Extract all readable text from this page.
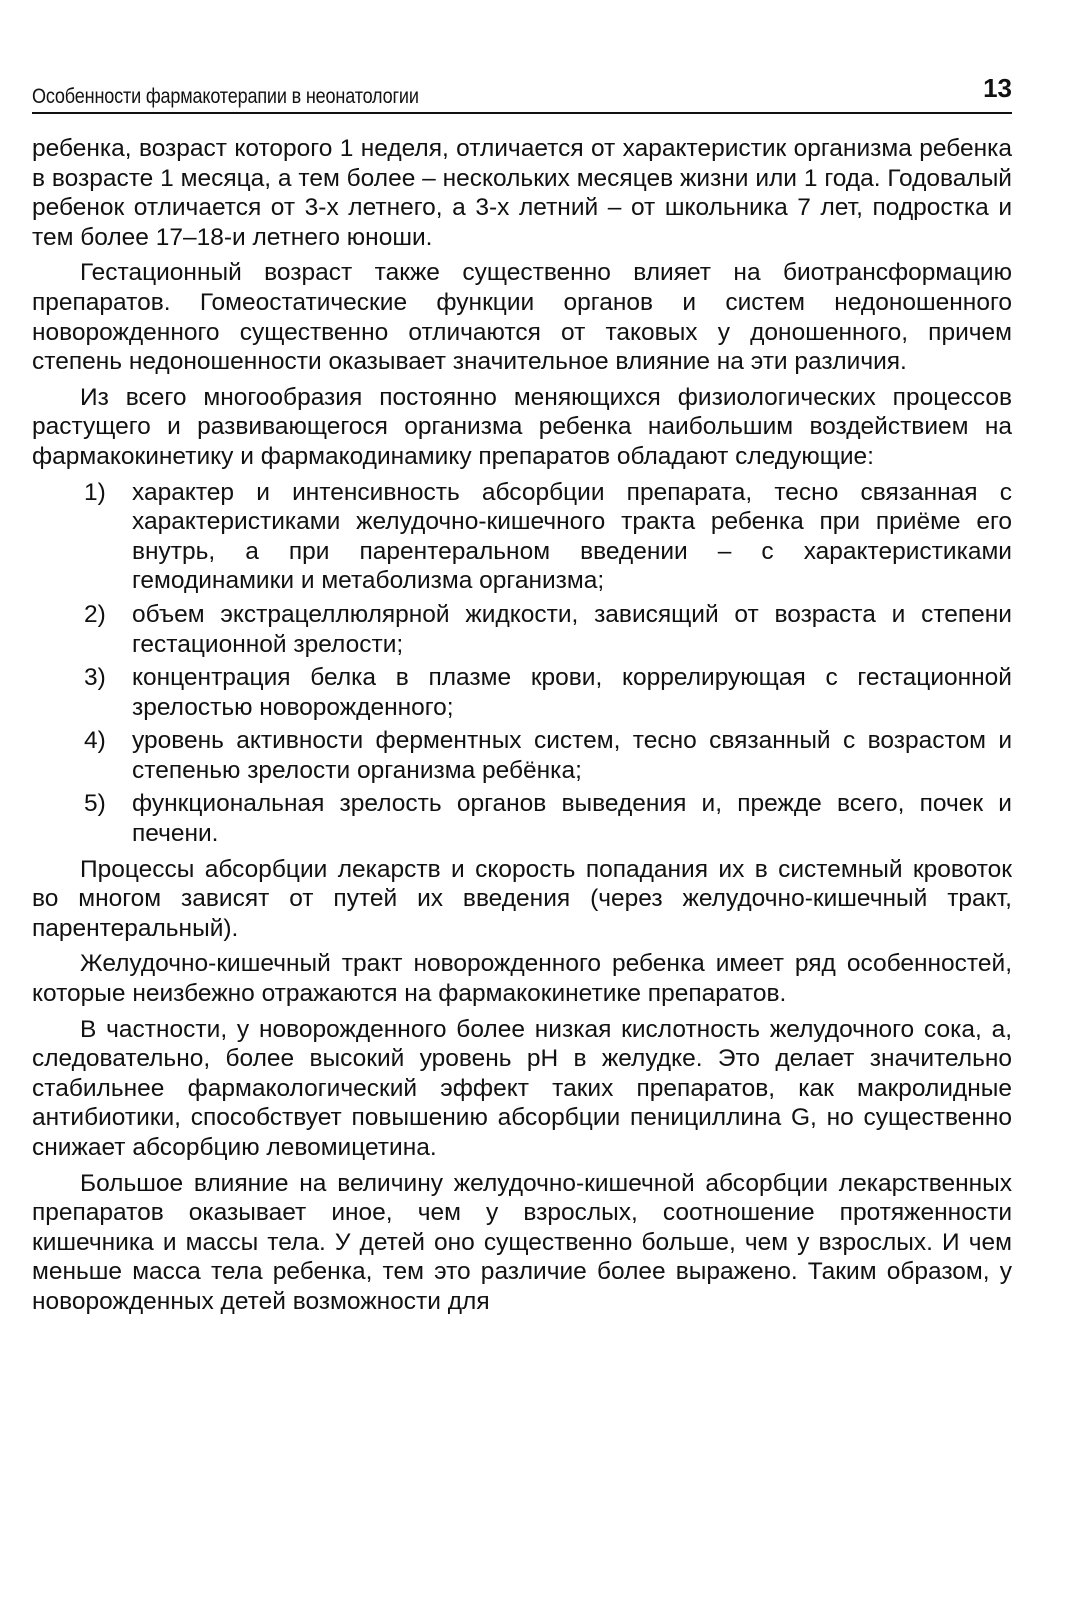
Особенности фармакотерапии в неонатологии	13

ребенка, возраст которого 1 неделя, отличается от характеристик организма ребенка в возрасте 1 месяца, а тем более – нескольких месяцев жизни или 1 года. Годовалый ребенок отличается от 3-х летнего, а 3-х летний – от школьника 7 лет, подростка и тем более 17–18-и летнего юноши.

Гестационный возраст также существенно влияет на биотрансформацию препаратов. Гомеостатические функции органов и систем недоношенного новорожденного существенно отличаются от таковых у доношенного, причем степень недоношенности оказывает значительное влияние на эти различия.

Из всего многообразия постоянно меняющихся физиологических процессов растущего и развивающегося организма ребенка наибольшим воздействием на фармакокинетику и фармакодинамику препаратов обладают следующие:

1)	характер и интенсивность абсорбции препарата, тесно связанная с характеристиками желудочно-кишечного тракта ребенка при приёме его внутрь, а при парентеральном введении – с характеристиками гемодинамики и метаболизма организма;
2)	объем экстрацеллюлярной жидкости, зависящий от возраста и степени гестационной зрелости;
3)	концентрация белка в плазме крови, коррелирующая с гестационной зрелостью новорожденного;
4)	уровень активности ферментных систем, тесно связанный с возрастом и степенью зрелости организма ребёнка;
5)	функциональная зрелость органов выведения и, прежде всего, почек и печени.

Процессы абсорбции лекарств и скорость попадания их в системный кровоток во многом зависят от путей их введения (через желудочно-кишечный тракт, парентеральный).

Желудочно-кишечный тракт новорожденного ребенка имеет ряд особенностей, которые неизбежно отражаются на фармакокинетике препаратов.

В частности, у новорожденного более низкая кислотность желудочного сока, а, следовательно, более высокий уровень pH в желудке. Это делает значительно стабильнее фармакологический эффект таких препаратов, как макролидные антибиотики, способствует повышению абсорбции пенициллина G, но существенно снижает абсорбцию левомицетина.

Большое влияние на величину желудочно-кишечной абсорбции лекарственных препаратов оказывает иное, чем у взрослых, соотношение протяженности кишечника и массы тела. У детей оно существенно больше, чем у взрослых. И чем меньше масса тела ребенка, тем это различие более выражено. Таким образом, у новорожденных детей возможности для
